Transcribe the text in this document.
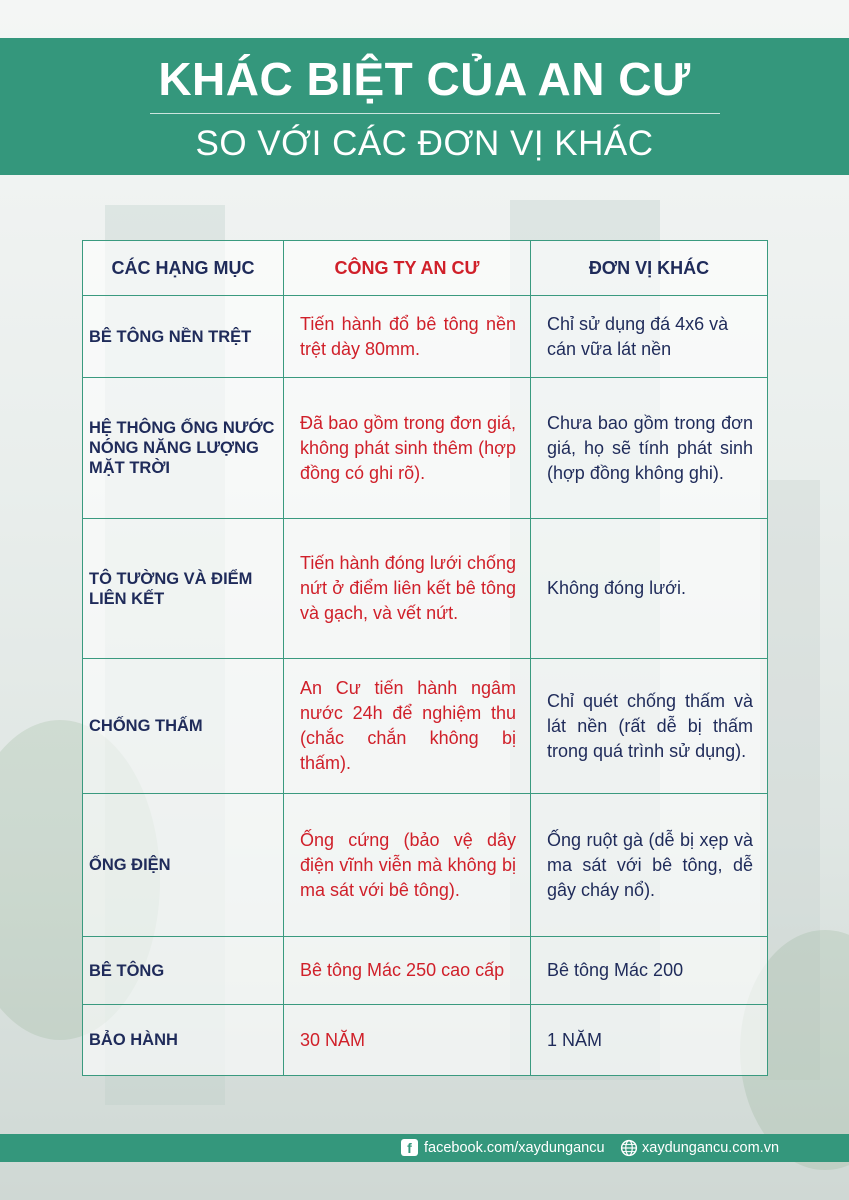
KHÁC BIỆT CỦA AN CƯ
SO VỚI CÁC ĐƠN VỊ KHÁC
CÁC HẠNG MỤC	CÔNG TY AN CƯ	ĐƠN VỊ KHÁC
BÊ TÔNG NỀN TRỆT	Tiến hành đổ bê tông nền trệt dày 80mm.	Chỉ sử dụng đá 4x6 và cán vữa lát nền
HỆ THÔNG ỐNG NƯỚC NÓNG NĂNG LƯỢNG MẶT TRỜI	Đã bao gồm trong đơn giá, không phát sinh thêm (hợp đồng có ghi rõ).	Chưa bao gồm trong đơn giá, họ sẽ tính phát sinh (hợp đồng không ghi).
TÔ TƯỜNG VÀ ĐIỂM LIÊN KẾT	Tiến hành đóng lưới chống nứt ở điểm liên kết bê tông và gạch, và vết nứt.	Không đóng lưới.
CHỐNG THẤM	An Cư tiến hành ngâm nước 24h để nghiệm thu (chắc chắn không bị thấm).	Chỉ quét chống thấm và lát nền (rất dễ bị thấm trong quá trình sử dụng).
ỐNG ĐIỆN	Ống cứng (bảo vệ dây điện vĩnh viễn mà không bị ma sát với bê tông).	Ống ruột gà (dễ bị xẹp và ma sát với bê tông, dễ gây cháy nổ).
BÊ TÔNG	Bê tông Mác 250 cao cấp	Bê tông Mác 200
BẢO HÀNH	30 NĂM	1 NĂM
f facebook.com/xaydungancu	xaydungancu.com.vn
